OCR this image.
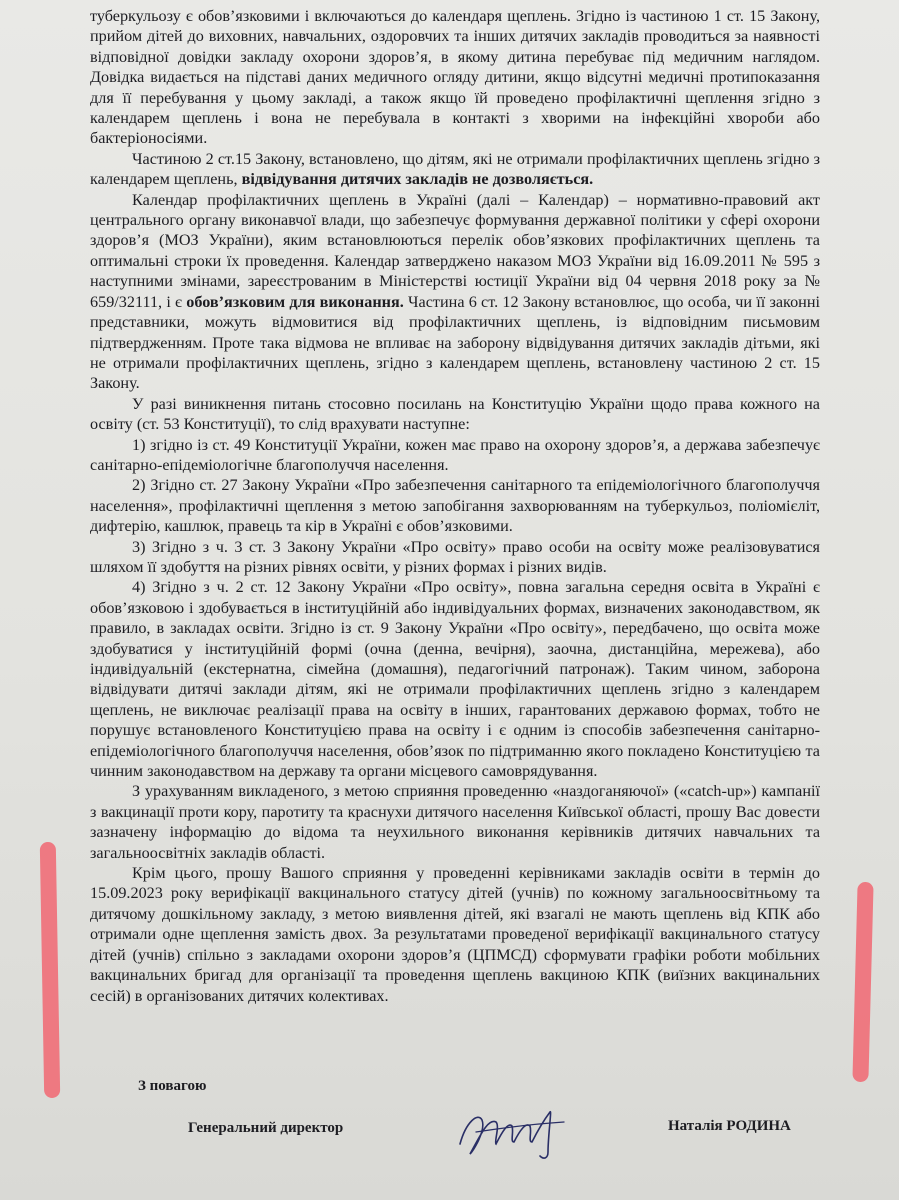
туберкульозу є обов’язковими і включаються до календаря щеплень. Згідно із частиною 1 ст. 15 Закону, прийом дітей до виховних, навчальних, оздоровчих та інших дитячих закладів проводиться за наявності відповідної довідки закладу охорони здоров’я, в якому дитина перебуває під медичним наглядом. Довідка видається на підставі даних медичного огляду дитини, якщо відсутні медичні протипоказання для її перебування у цьому закладі, а також якщо їй проведено профілактичні щеплення згідно з календарем щеплень і вона не перебувала в контакті з хворими на інфекційні хвороби або бактеріоносіями.

Частиною 2 ст.15 Закону, встановлено, що дітям, які не отримали профілактичних щеплень згідно з календарем щеплень, відвідування дитячих закладів не дозволяється.

Календар профілактичних щеплень в Україні (далі – Календар) – нормативно-правовий акт центрального органу виконавчої влади, що забезпечує формування державної політики у сфері охорони здоров’я (МОЗ України), яким встановлюються перелік обов’язкових профілактичних щеплень та оптимальні строки їх проведення. Календар затверджено наказом МОЗ України від 16.09.2011 № 595 з наступними змінами, зареєстрованим в Міністерстві юстиції України від 04 червня 2018 року за № 659/32111, і є обов’язковим для виконання. Частина 6 ст. 12 Закону встановлює, що особа, чи її законні представники, можуть відмовитися від профілактичних щеплень, із відповідним письмовим підтвердженням. Проте така відмова не впливає на заборону відвідування дитячих закладів дітьми, які не отримали профілактичних щеплень, згідно з календарем щеплень, встановлену частиною 2 ст. 15 Закону.

У разі виникнення питань стосовно посилань на Конституцію України щодо права кожного на освіту (ст. 53 Конституції), то слід врахувати наступне:

1) згідно із ст. 49 Конституції України, кожен має право на охорону здоров’я, а держава забезпечує санітарно-епідеміологічне благополуччя населення.

2) Згідно ст. 27 Закону України «Про забезпечення санітарного та епідеміологічного благополуччя населення», профілактичні щеплення з метою запобігання захворюванням на туберкульоз, поліомієліт, дифтерію, кашлюк, правець та кір в Україні є обов’язковими.

3) Згідно з ч. 3 ст. 3 Закону України «Про освіту» право особи на освіту може реалізовуватися шляхом її здобуття на різних рівнях освіти, у різних формах і різних видів.

4) Згідно з ч. 2 ст. 12 Закону України «Про освіту», повна загальна середня освіта в Україні є обов’язковою і здобувається в інституційній або індивідуальних формах, визначених законодавством, як правило, в закладах освіти. Згідно із ст. 9 Закону України «Про освіту», передбачено, що освіта може здобуватися у інституційній формі (очна (денна, вечірня), заочна, дистанційна, мережева), або індивідуальній (екстернатна, сімейна (домашня), педагогічний патронаж). Таким чином, заборона відвідувати дитячі заклади дітям, які не отримали профілактичних щеплень згідно з календарем щеплень, не виключає реалізації права на освіту в інших, гарантованих державою формах, тобто не порушує встановленого Конституцією права на освіту і є одним із способів забезпечення санітарно-епідеміологічного благополуччя населення, обов’язок по підтриманню якого покладено Конституцією та чинним законодавством на державу та органи місцевого самоврядування.

З урахуванням викладеного, з метою сприяння проведенню «наздоганяючої» («catch-up») кампанії з вакцинації проти кору, паротиту та краснухи дитячого населення Київської області, прошу Вас довести зазначену інформацію до відома та неухильного виконання керівників дитячих навчальних та загальноосвітніх закладів області.

Крім цього, прошу Вашого сприяння у проведенні керівниками закладів освіти в термін до 15.09.2023 року верифікації вакцинального статусу дітей (учнів) по кожному загальноосвітньому та дитячому дошкільному закладу, з метою виявлення дітей, які взагалі не мають щеплень від КПК або отримали одне щеплення замість двох. За результатами проведеної верифікації вакцинального статусу дітей (учнів) спільно з закладами охорони здоров’я (ЦПМСД) сформувати графіки роботи мобільних вакцинальних бригад для організації та проведення щеплень вакциною КПК (виїзних вакцинальних сесій) в організованих дитячих колективах.

З повагою
Генеральний директор	Наталія РОДИНА
